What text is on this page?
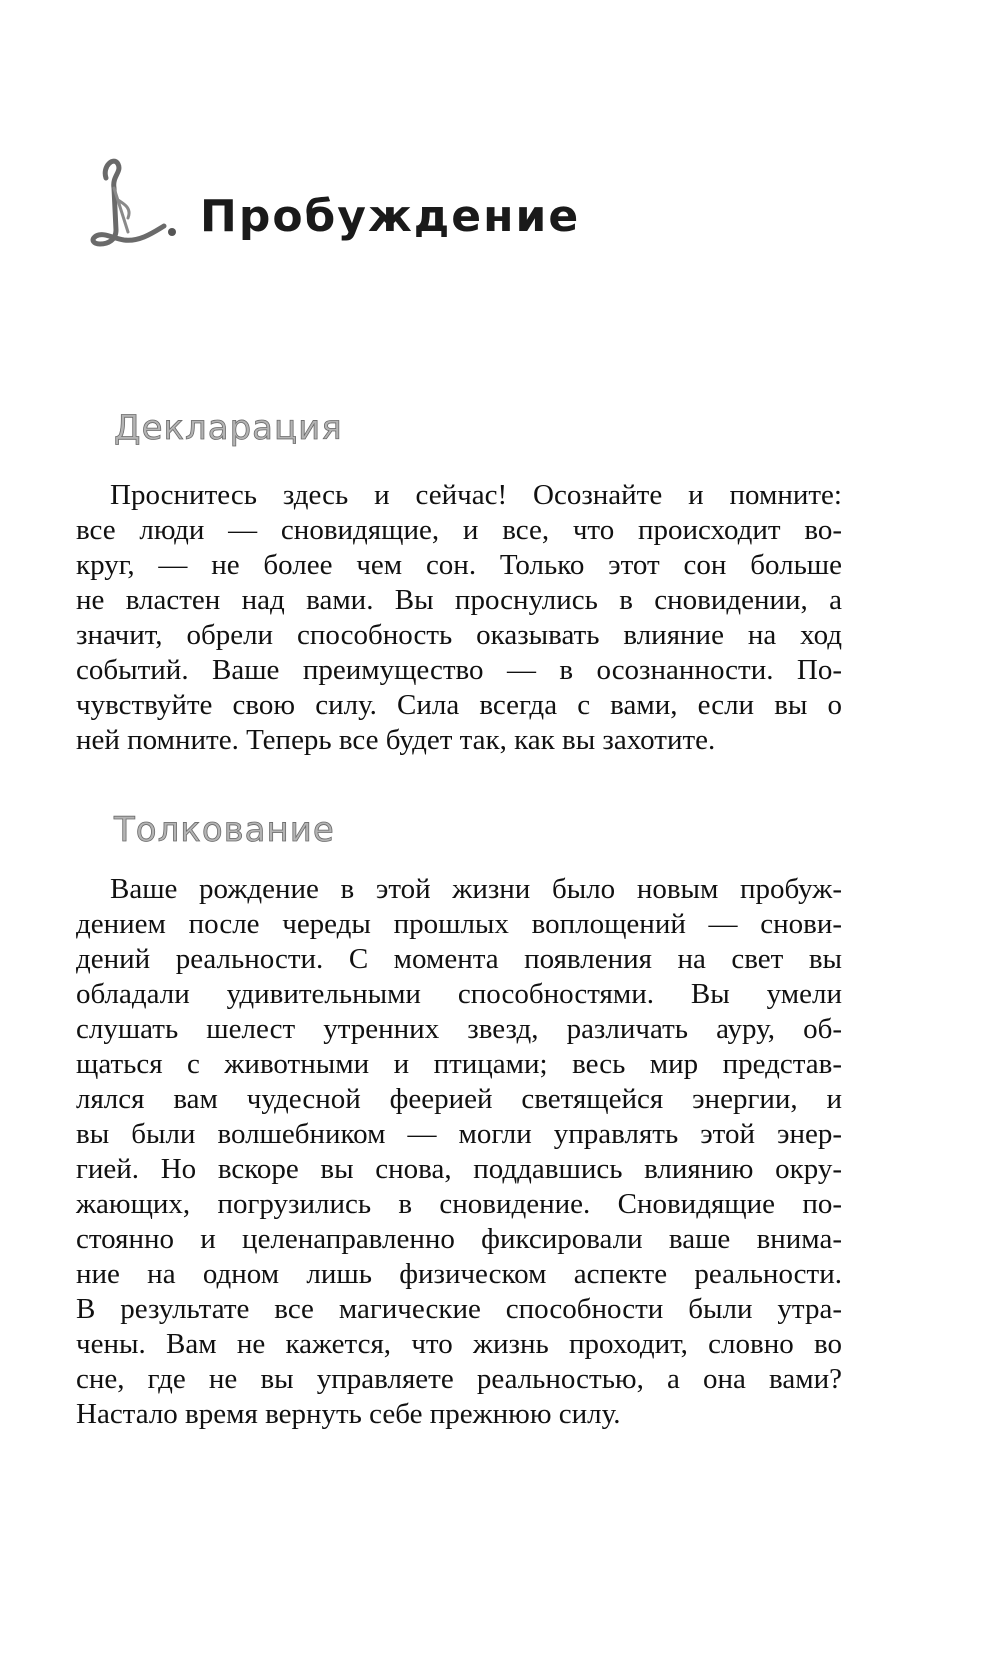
Пробуждение
Декларация

Проснитесь здесь и сейчас! Осознайте и помните:
все люди — сновидящие, и все, что происходит во-
круг, — не более чем сон. Только этот сон больше
не властен над вами. Вы проснулись в сновидении, а
значит, обрели способность оказывать влияние на ход
событий. Ваше преимущество — в осознанности. По-
чувствуйте свою силу. Сила всегда с вами, если вы о
ней помните. Теперь все будет так, как вы захотите.

Толкование

Ваше рождение в этой жизни было новым пробуж-
дением после череды прошлых воплощений — снови-
дений реальности. С момента появления на свет вы
обладали удивительными способностями. Вы умели
слушать шелест утренних звезд, различать ауру, об-
щаться с животными и птицами; весь мир представ-
лялся вам чудесной феерией светящейся энергии, и
вы были волшебником — могли управлять этой энер-
гией. Но вскоре вы снова, поддавшись влиянию окру-
жающих, погрузились в сновидение. Сновидящие по-
стоянно и целенаправленно фиксировали ваше внима-
ние на одном лишь физическом аспекте реальности.
В результате все магические способности были утра-
чены. Вам не кажется, что жизнь проходит, словно во
сне, где не вы управляете реальностью, а она вами?
Настало время вернуть себе прежнюю силу.
